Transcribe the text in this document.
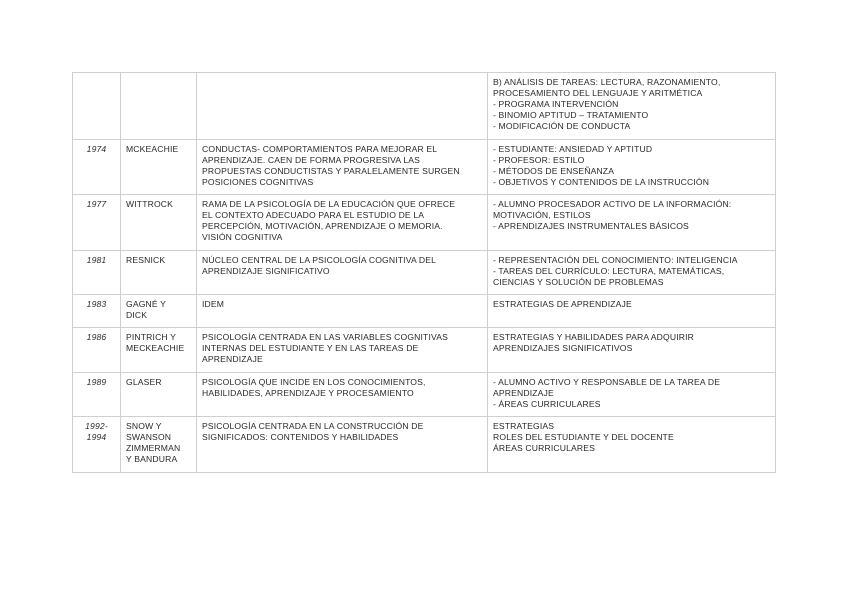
			B) ANÁLISIS DE TAREAS: LECTURA, RAZONAMIENTO,
PROCESAMIENTO DEL LENGUAJE Y ARITMÉTICA
- PROGRAMA INTERVENCIÓN
- BINOMIO APTITUD – TRATAMIENTO
- MODIFICACIÓN DE CONDUCTA

1974	MCKEACHIE	CONDUCTAS- COMPORTAMIENTOS PARA MEJORAR EL
APRENDIZAJE. CAEN DE FORMA PROGRESIVA LAS
PROPUESTAS CONDUCTISTAS Y PARALELAMENTE SURGEN
POSICIONES COGNITIVAS	- ESTUDIANTE: ANSIEDAD Y APTITUD
- PROFESOR: ESTILO
- MÉTODOS DE ENSEÑANZA
- OBJETIVOS Y CONTENIDOS DE LA INSTRUCCIÓN

1977	WITTROCK	RAMA DE LA PSICOLOGÍA DE LA EDUCACIÓN QUE OFRECE
EL CONTEXTO ADECUADO PARA EL ESTUDIO DE LA
PERCEPCIÓN, MOTIVACIÓN, APRENDIZAJE O MEMORIA.
VISIÓN COGNITIVA	- ALUMNO PROCESADOR ACTIVO DE LA INFORMACIÓN:
MOTIVACIÓN, ESTILOS
- APRENDIZAJES INSTRUMENTALES BÁSICOS

1981	RESNICK	NÚCLEO CENTRAL DE LA PSICOLOGÍA COGNITIVA DEL
APRENDIZAJE SIGNIFICATIVO	- REPRESENTACIÓN DEL CONOCIMIENTO: INTELIGENCIA
- TAREAS DEL CURRÍCULO: LECTURA, MATEMÁTICAS,
CIENCIAS Y SOLUCIÓN DE PROBLEMAS

1983	GAGNÉ Y
DICK	IDEM	ESTRATEGIAS DE APRENDIZAJE

1986	PINTRICH Y
MECKEACHIE	PSICOLOGÍA CENTRADA EN LAS VARIABLES COGNITIVAS
INTERNAS DEL ESTUDIANTE Y EN LAS TAREAS DE
APRENDIZAJE	ESTRATEGIAS Y HABILIDADES PARA ADQUIRIR
APRENDIZAJES SIGNIFICATIVOS

1989	GLASER	PSICOLOGÍA QUE INCIDE EN LOS CONOCIMIENTOS,
HABILIDADES, APRENDIZAJE Y PROCESAMIENTO	- ALUMNO ACTIVO Y RESPONSABLE DE LA TAREA DE
APRENDIZAJE
- ÁREAS CURRICULARES

1992-
1994	SNOW Y
SWANSON
ZIMMERMAN
Y BANDURA	PSICOLOGÍA CENTRADA EN LA CONSTRUCCIÓN DE
SIGNIFICADOS: CONTENIDOS Y HABILIDADES	ESTRATEGIAS
ROLES DEL ESTUDIANTE Y DEL DOCENTE
ÁREAS CURRICULARES
